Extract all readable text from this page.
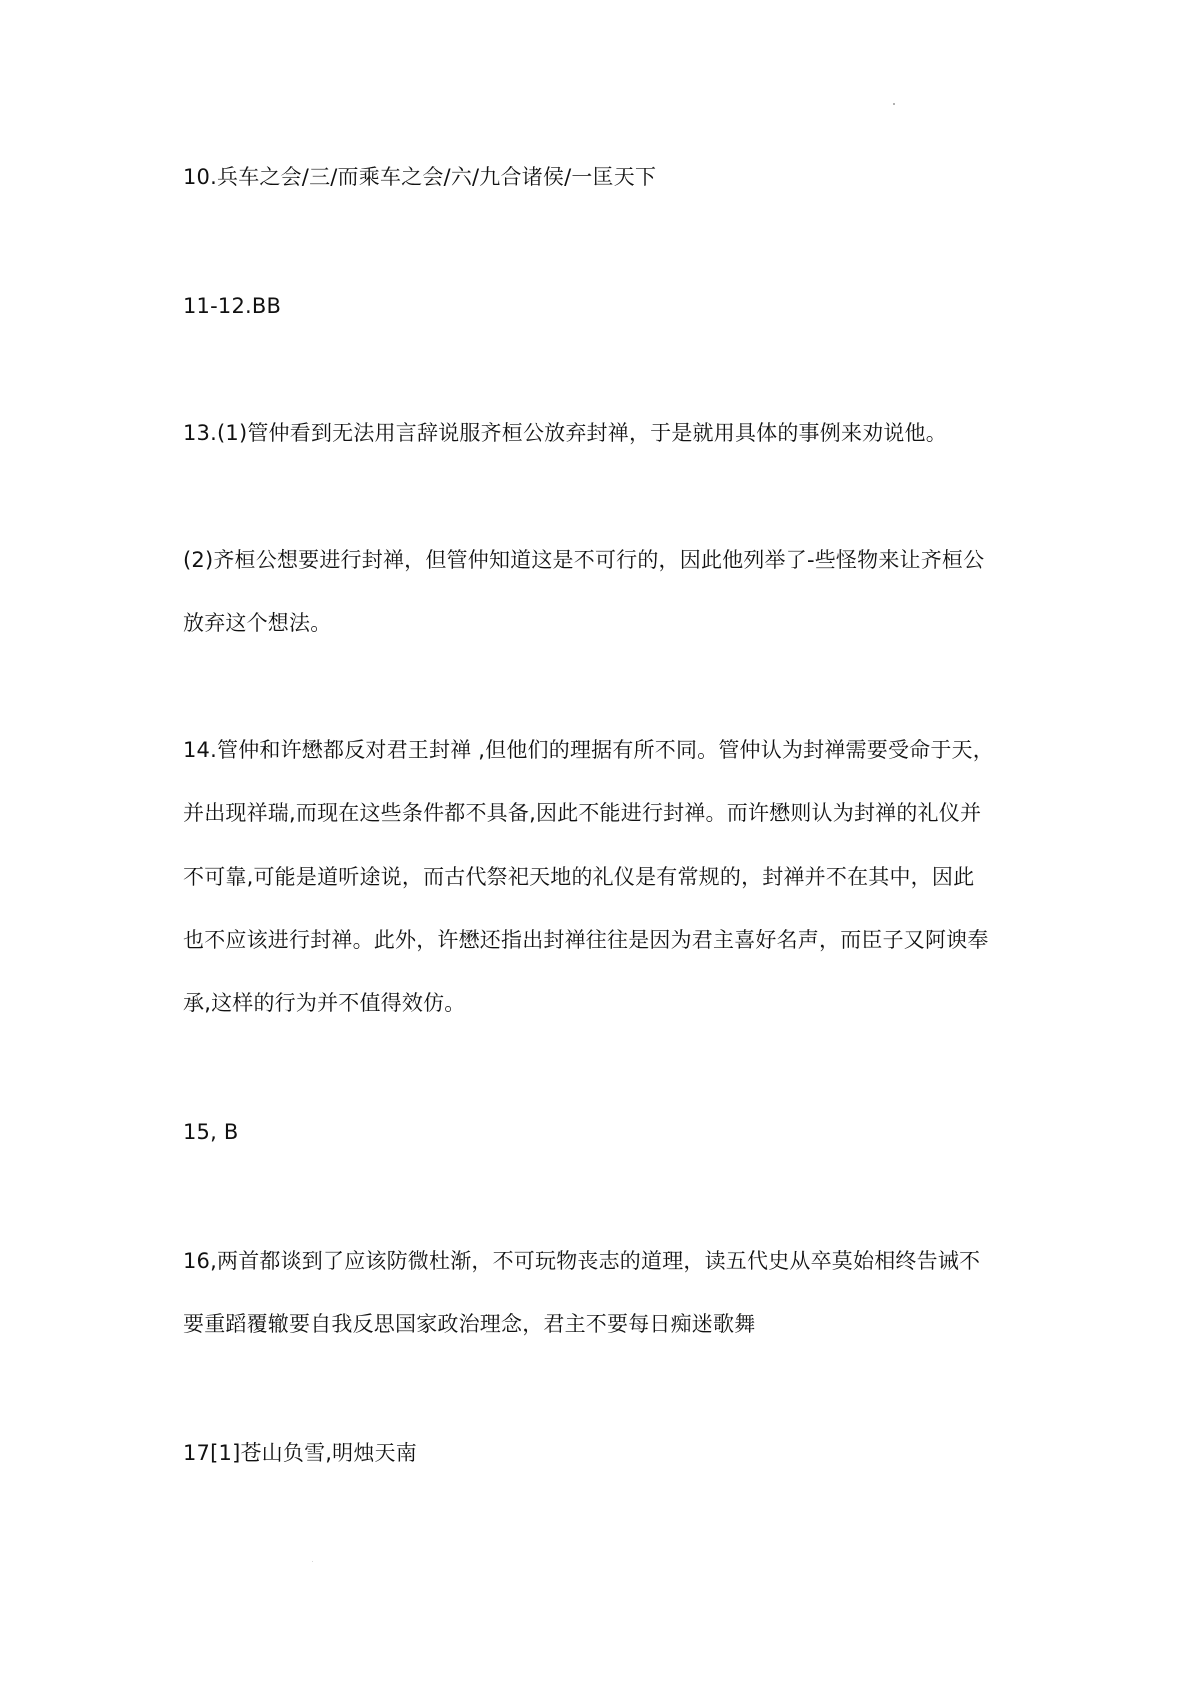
10.兵车之会/三/而乘车之会/六/九合诸侯/一匡天下
11-12.BB
13.(1)管仲看到无法用言辞说服齐桓公放弃封禅，于是就用具体的事例来劝说他。
(2)齐桓公想要进行封禅，但管仲知道这是不可行的，因此他列举了-些怪物来让齐桓公
放弃这个想法。
14.管仲和许懋都反对君王封禅 ,但他们的理据有所不同。管仲认为封禅需要受命于天，
并出现祥瑞,而现在这些条件都不具备,因此不能进行封禅。而许懋则认为封禅的礼仪并
不可靠,可能是道听途说，而古代祭祀天地的礼仪是有常规的，封禅并不在其中，因此
也不应该进行封禅。此外，许懋还指出封禅往往是因为君主喜好名声，而臣子又阿谀奉
承,这样的行为并不值得效仿。
15, B
16,两首都谈到了应该防微杜渐，不可玩物丧志的道理，读五代史从卒莫始相终告诫不
要重蹈覆辙要自我反思国家政治理念，君主不要每日痴迷歌舞
17[1]苍山负雪,明烛天南
